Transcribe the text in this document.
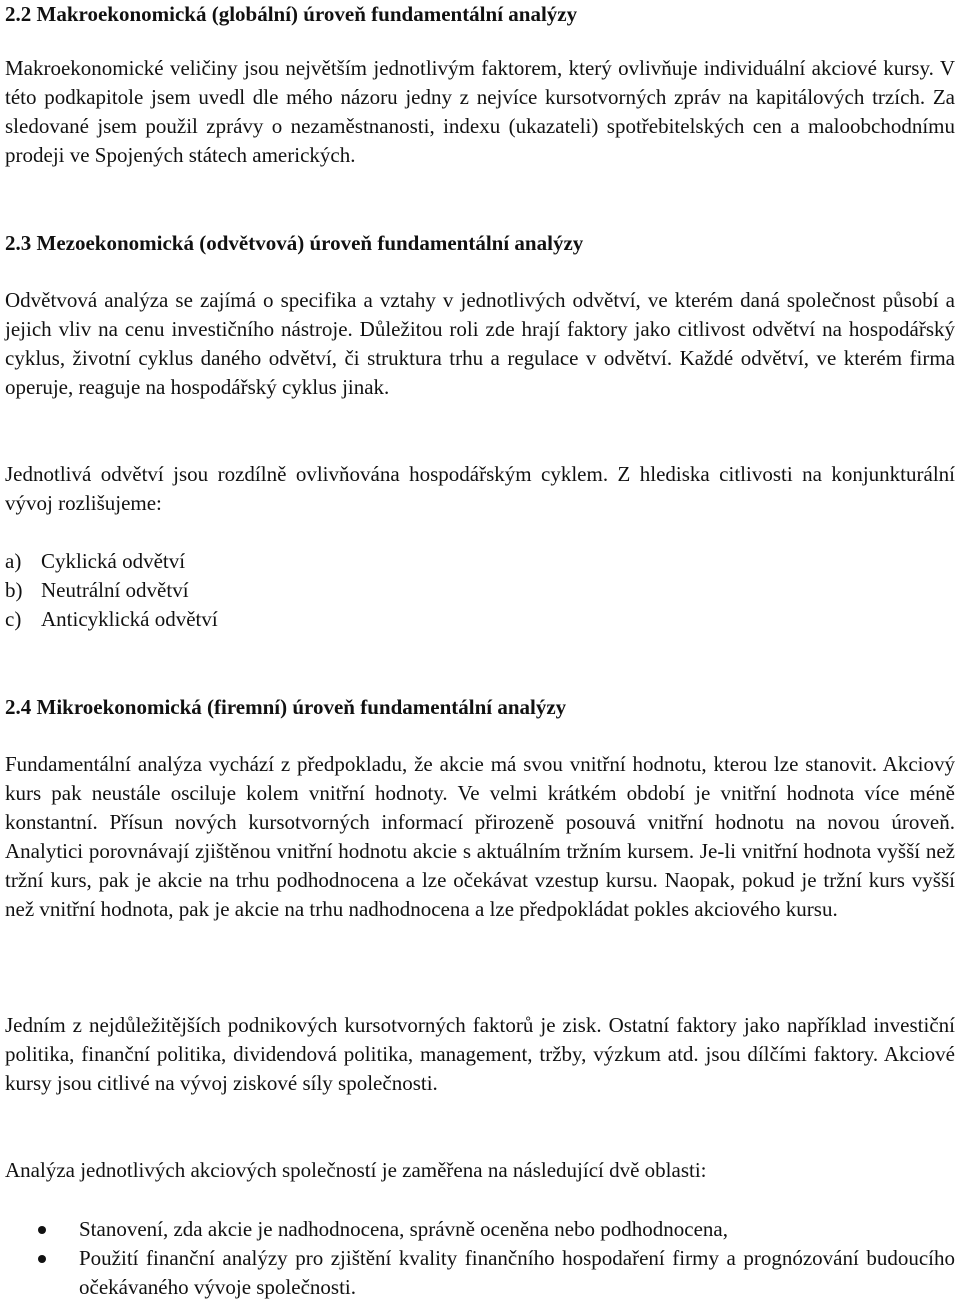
2.2 Makroekonomická (globální) úroveň fundamentální analýzy

Makroekonomické veličiny jsou největším jednotlivým faktorem, který ovlivňuje individuální akciové kursy. V této podkapitole jsem uvedl dle mého názoru jedny z nejvíce kursotvorných zpráv na kapitálových trzích. Za sledované jsem použil zprávy o nezaměstnanosti, indexu (ukazateli) spotřebitelských cen a maloobchodnímu prodeji ve Spojených státech amerických.

2.3 Mezoekonomická (odvětvová) úroveň fundamentální analýzy

Odvětvová analýza se zajímá o specifika a vztahy v jednotlivých odvětví, ve kterém daná společnost působí a jejich vliv na cenu investičního nástroje. Důležitou roli zde hrají faktory jako citlivost odvětví na hospodářský cyklus, životní cyklus daného odvětví, či struktura trhu a regulace v odvětví. Každé odvětví, ve kterém firma operuje, reaguje na hospodářský cyklus jinak.

Jednotlivá odvětví jsou rozdílně ovlivňována hospodářským cyklem. Z hlediska citlivosti na konjunkturální vývoj rozlišujeme:

a) Cyklická odvětví
b) Neutrální odvětví
c) Anticyklická odvětví
2.4 Mikroekonomická (firemní) úroveň fundamentální analýzy

Fundamentální analýza vychází z předpokladu, že akcie má svou vnitřní hodnotu, kterou lze stanovit. Akciový kurs pak neustále osciluje kolem vnitřní hodnoty. Ve velmi krátkém období je vnitřní hodnota více méně konstantní. Přísun nových kursotvorných informací přirozeně posouvá vnitřní hodnotu na novou úroveň. Analytici porovnávají zjištěnou vnitřní hodnotu akcie s aktuálním tržním kursem. Je-li vnitřní hodnota vyšší než tržní kurs, pak je akcie na trhu podhodnocena a lze očekávat vzestup kursu. Naopak, pokud je tržní kurs vyšší než vnitřní hodnota, pak je akcie na trhu nadhodnocena a lze předpokládat pokles akciového kursu.

Jedním z nejdůležitějších podnikových kursotvorných faktorů je zisk. Ostatní faktory jako například investiční politika, finanční politika, dividendová politika, management, tržby, výzkum atd. jsou dílčími faktory. Akciové kursy jsou citlivé na vývoj ziskové síly společnosti.

Analýza jednotlivých akciových společností je zaměřena na následující dvě oblasti:

Stanovení, zda akcie je nadhodnocena, správně oceněna nebo podhodnocena,
Použití finanční analýzy pro zjištění kvality finančního hospodaření firmy a prognózování budoucího očekávaného vývoje společnosti.
